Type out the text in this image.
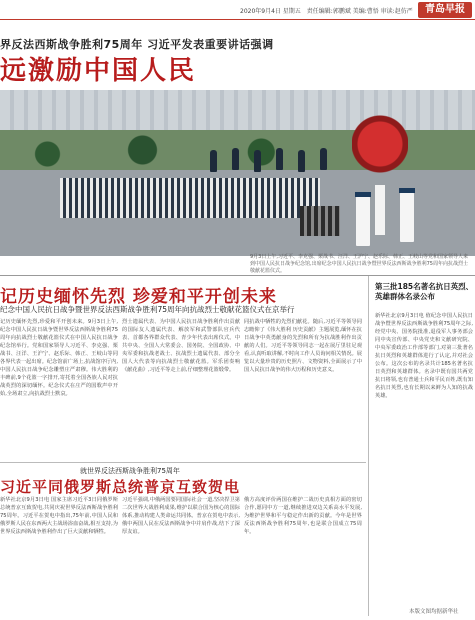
2020年9月4日 星期五　责任编辑:郭鹏斌 美编:曹悟 审读:赵仿严	青岛早报
界反法西斯战争胜利75周年 习近平发表重要讲话强调
远激励中国人民
9月3日上午,习近平、李克强、栗战书、汪洋、王沪宁、赵乐际、韩正、王岐山等党和国家领导人来到中国人民抗日战争纪念馆,出席纪念中国人民抗日战争暨世界反法西斯战争胜利75周年向抗战烈士敬献花篮仪式。
记历史缅怀先烈 珍爱和平开创未来
纪念中国人民抗日战争暨世界反法西斯战争胜利75周年向抗战烈士敬献花篮仪式在京举行
记历史缅怀先烈,珍爱和平开创未来。9月3日上午,纪念中国人民抗日战争暨世界反法西斯战争胜利75周年向抗战烈士敬献花篮仪式在中国人民抗日战争纪念馆举行。党和国家领导人习近平、李克强、栗战书、汪洋、王沪宁、赵乐际、韩正、王岐山等同各界代表一起出席。纪念馆前广场上,抗战馆序厅内,中国人民抗日战争纪念雕塑庄严肃穆。伟大胜利的丰碑前,9个花篮一字排开,寄托着全国各族人民对抗战英烈的深切缅怀。纪念仪式在庄严的国歌声中开始,全场肃立,向抗战烈士默哀。
烈士遗属代表、为中国人民抗日战争胜利作出贡献的国际友人遗属代表、解放军和武警部队官兵代表、首都各界群众代表、青少年代表出席仪式。中共中央、全国人大常委会、国务院、全国政协、中央军委和抗战老战士、抗战烈士遗属代表、部分全国人大代表等向抗战烈士敬献花篮。军乐团奏响《献花曲》,习近平等走上前,仔细整理花篮缎带。
同抗战中牺牲的先烈们献花。随后,习近平等领导同志瞻仰了《伟大胜利 历史贡献》主题展览,缅怀在抗日战争中英勇献身的先烈和所有为抗战胜利作出贡献的人们。习近平等领导同志一起在展厅里驻足观看,认真听取讲解,不时向工作人员询问相关情况。展览以大量珍贵的历史照片、文物资料,全面展示了中国人民抗日战争的伟大历程和历史意义。
就世界反法西斯战争胜利75周年
习近平同俄罗斯总统普京互致贺电
新华社北京9月3日电 国家主席习近平3日同俄罗斯总统普京互致贺电,共同庆祝世界反法西斯战争胜利75周年。习近平在贺电中指出,75年前,中国人民和俄罗斯人民在东西两大主战场浴血奋战,相互支持,为世界反法西斯战争胜利作出了巨大贡献和牺牲。
习近平强调,中俄两国要同国际社会一道,坚决捍卫第二次世界大战胜利成果,维护以联合国为核心的国际体系,推动构建人类命运共同体。普京在贺电中表示,俄中两国人民在反法西斯战争中并肩作战,结下了深厚友谊。
俄方高度评价两国在维护二战历史真相方面的密切合作,愿同中方一道,继续推进双边关系高水平发展,为维护世界和平与稳定作出新的贡献。今年是世界反法西斯战争胜利75周年,也是联合国成立75周年。
第三批185名著名抗日英烈、英雄群体名录公布
新华社北京9月3日电 值纪念中国人民抗日战争暨世界反法西斯战争胜利75周年之际,经党中央、国务院批准,退役军人事务部会同中央宣传部、中央党史和文献研究院、中央军委政治工作部等部门,对第三批著名抗日英烈和英雄群体进行了认定,并对社会公布。这次公布的名录共计185名著名抗日英烈和英雄群体。名录中既有国共两党抗日将领,也有普通士兵和平民百姓,既有知名抗日英烈,也有长期以来鲜为人知的抗战英雄。
本版文图均据新华社
